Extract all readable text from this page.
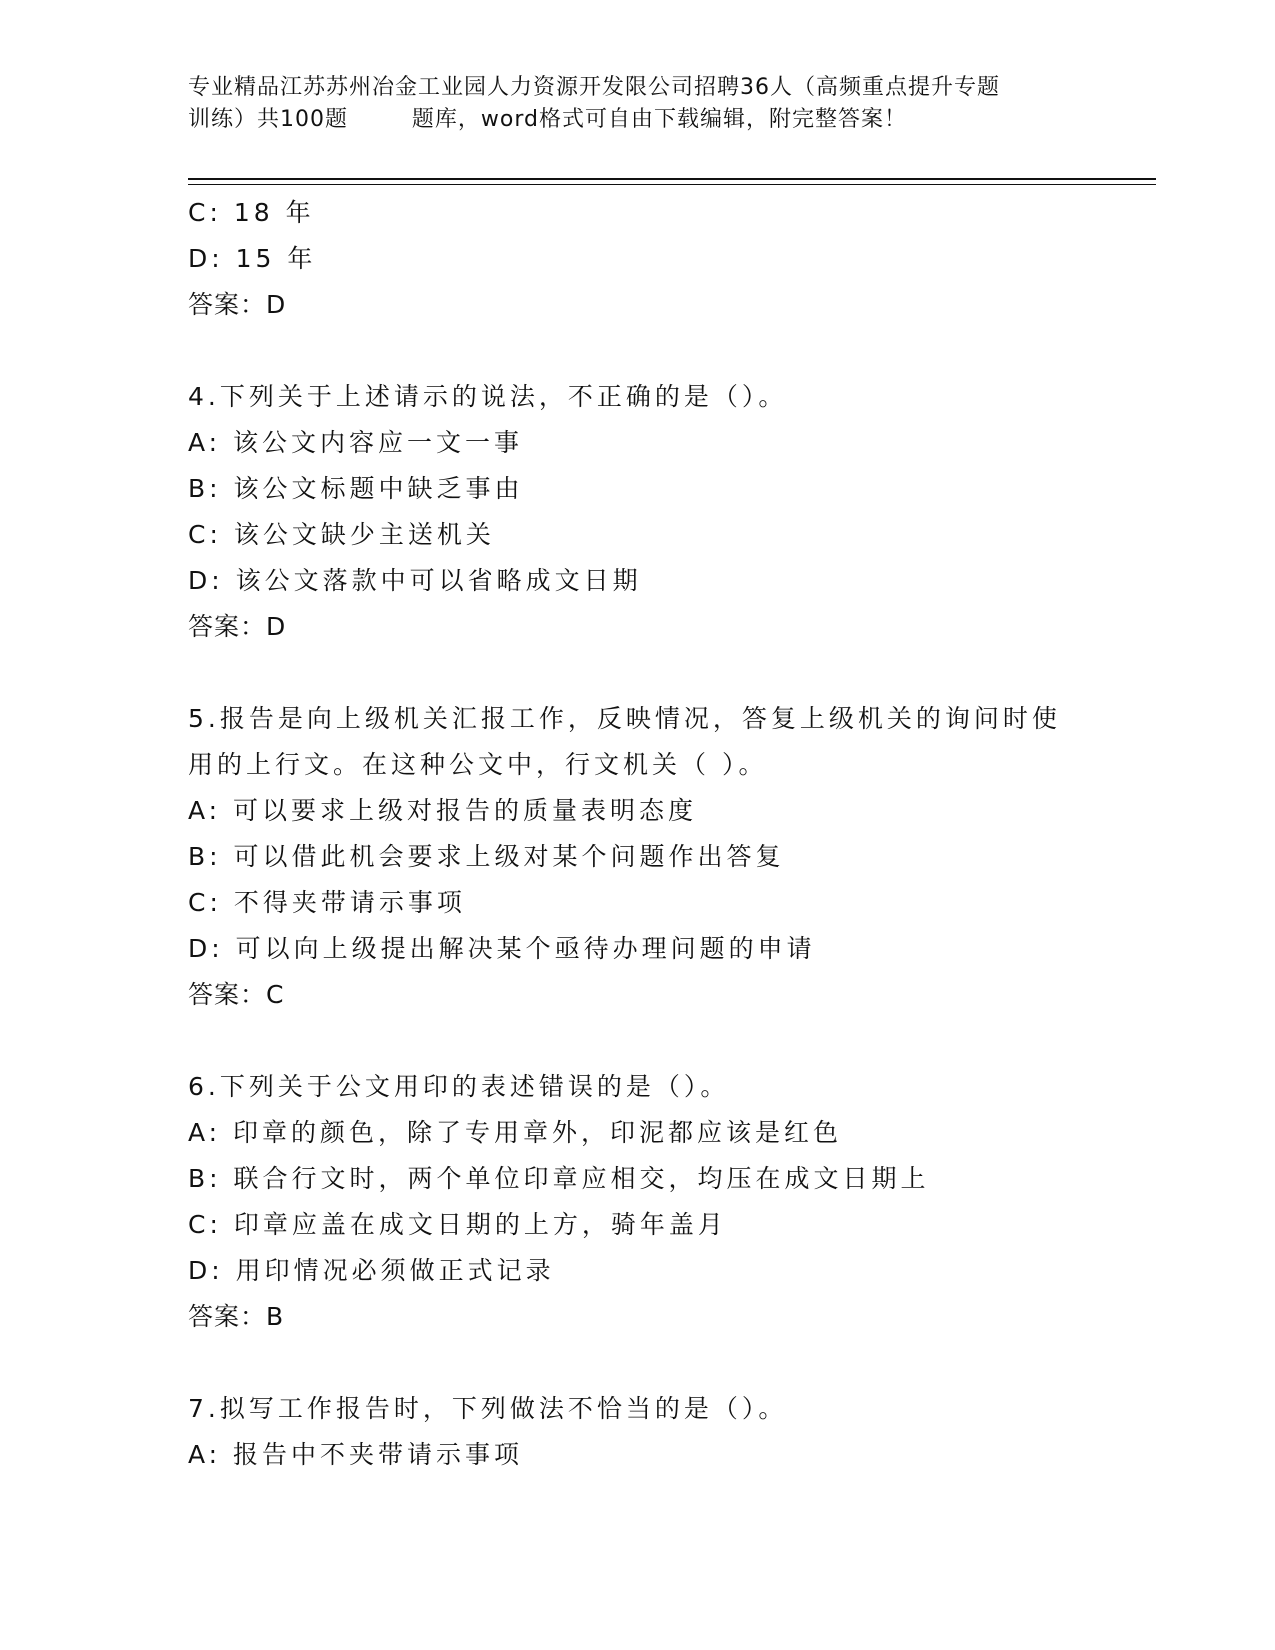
专业精品江苏苏州冶金工业园人力资源开发限公司招聘36人（高频重点提升专题
训练）共100题        题库，word格式可自由下载编辑，附完整答案！
C: 18 年
D: 15 年
答案：D
4.下列关于上述请示的说法，不正确的是（）。
A: 该公文内容应一文一事
B: 该公文标题中缺乏事由
C: 该公文缺少主送机关
D: 该公文落款中可以省略成文日期
答案：D
5.报告是向上级机关汇报工作，反映情况，答复上级机关的询问时使
用的上行文。在这种公文中，行文机关（ ）。
A: 可以要求上级对报告的质量表明态度
B: 可以借此机会要求上级对某个问题作出答复
C: 不得夹带请示事项
D: 可以向上级提出解决某个亟待办理问题的申请
答案：C
6.下列关于公文用印的表述错误的是（）。
A: 印章的颜色，除了专用章外，印泥都应该是红色
B: 联合行文时，两个单位印章应相交，均压在成文日期上
C: 印章应盖在成文日期的上方，骑年盖月
D: 用印情况必须做正式记录
答案：B
7.拟写工作报告时，下列做法不恰当的是（）。
A: 报告中不夹带请示事项
